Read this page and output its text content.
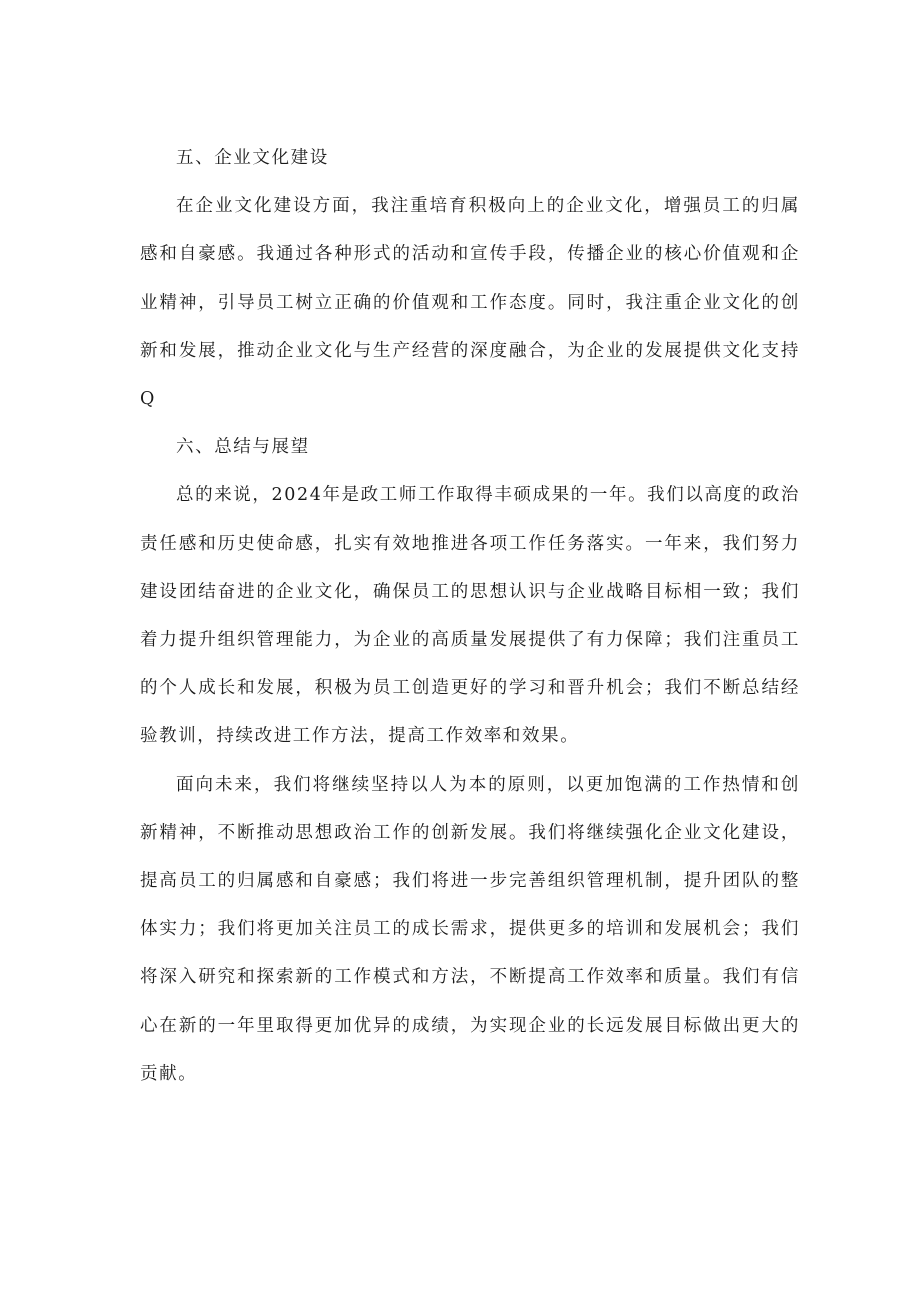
五、企业文化建设

在企业文化建设方面，我注重培育积极向上的企业文化，增强员工的归属感和自豪感。我通过各种形式的活动和宣传手段，传播企业的核心价值观和企业精神，引导员工树立正确的价值观和工作态度。同时，我注重企业文化的创新和发展，推动企业文化与生产经营的深度融合，为企业的发展提供文化支持Q

六、总结与展望

总的来说，2024年是政工师工作取得丰硕成果的一年。我们以高度的政治责任感和历史使命感，扎实有效地推进各项工作任务落实。一年来，我们努力建设团结奋进的企业文化，确保员工的思想认识与企业战略目标相一致；我们着力提升组织管理能力，为企业的高质量发展提供了有力保障；我们注重员工的个人成长和发展，积极为员工创造更好的学习和晋升机会；我们不断总结经验教训，持续改进工作方法，提高工作效率和效果。

面向未来，我们将继续坚持以人为本的原则，以更加饱满的工作热情和创新精神，不断推动思想政治工作的创新发展。我们将继续强化企业文化建设，提高员工的归属感和自豪感；我们将进一步完善组织管理机制，提升团队的整体实力；我们将更加关注员工的成长需求，提供更多的培训和发展机会；我们将深入研究和探索新的工作模式和方法，不断提高工作效率和质量。我们有信心在新的一年里取得更加优异的成绩，为实现企业的长远发展目标做出更大的贡献。
